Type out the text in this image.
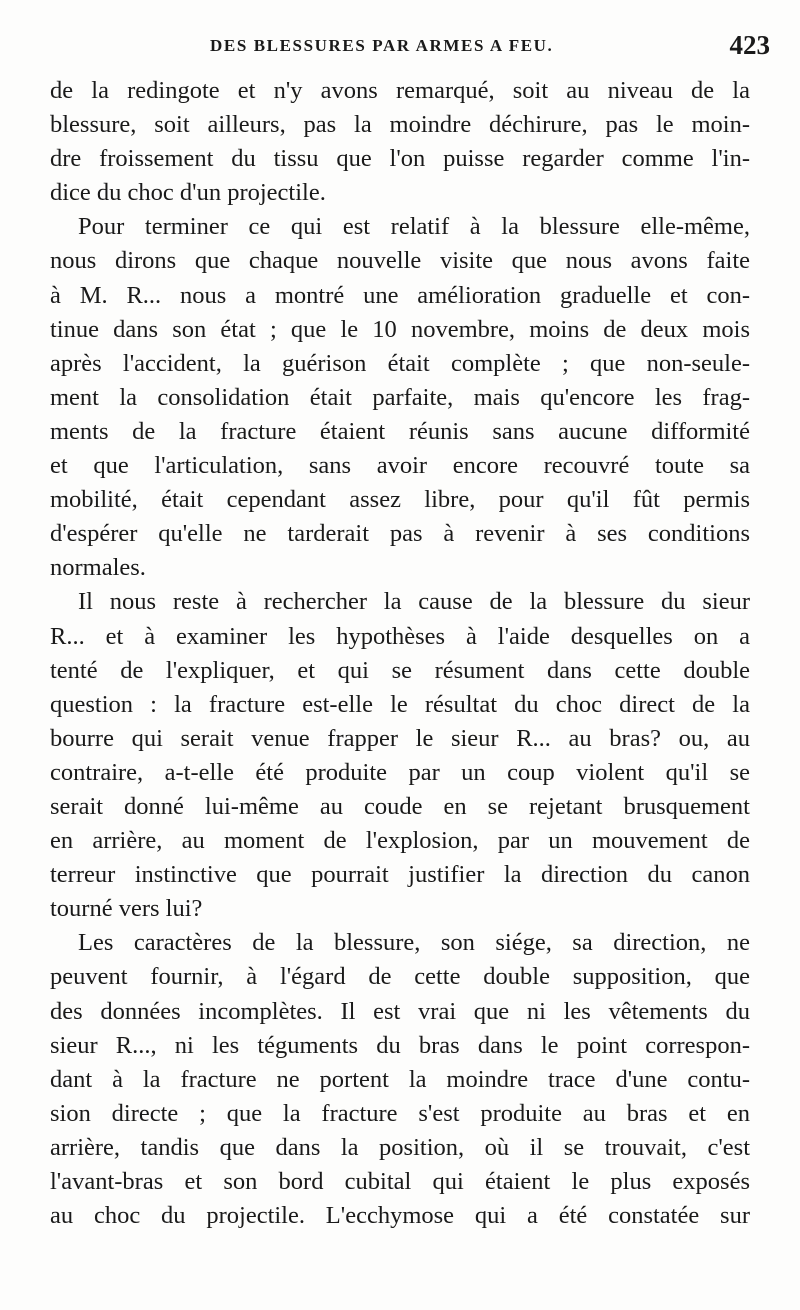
DES BLESSURES PAR ARMES A FEU.	423
de la redingote et n'y avons remarqué, soit au niveau de la
blessure, soit ailleurs, pas la moindre déchirure, pas le moin-
dre froissement du tissu que l'on puisse regarder comme l'in-
dice du choc d'un projectile.
Pour terminer ce qui est relatif à la blessure elle-même,
nous dirons que chaque nouvelle visite que nous avons faite
à M. R... nous a montré une amélioration graduelle et con-
tinue dans son état ; que le 10 novembre, moins de deux mois
après l'accident, la guérison était complète ; que non-seule-
ment la consolidation était parfaite, mais qu'encore les frag-
ments de la fracture étaient réunis sans aucune difformité
et que l'articulation, sans avoir encore recouvré toute sa
mobilité, était cependant assez libre, pour qu'il fût permis
d'espérer qu'elle ne tarderait pas à revenir à ses conditions
normales.
Il nous reste à rechercher la cause de la blessure du sieur
R... et à examiner les hypothèses à l'aide desquelles on a
tenté de l'expliquer, et qui se résument dans cette double
question : la fracture est-elle le résultat du choc direct de la
bourre qui serait venue frapper le sieur R... au bras? ou, au
contraire, a-t-elle été produite par un coup violent qu'il se
serait donné lui-même au coude en se rejetant brusquement
en arrière, au moment de l'explosion, par un mouvement de
terreur instinctive que pourrait justifier la direction du canon
tourné vers lui?
Les caractères de la blessure, son siége, sa direction, ne
peuvent fournir, à l'égard de cette double supposition, que
des données incomplètes. Il est vrai que ni les vêtements du
sieur R..., ni les téguments du bras dans le point correspon-
dant à la fracture ne portent la moindre trace d'une contu-
sion directe ; que la fracture s'est produite au bras et en
arrière, tandis que dans la position, où il se trouvait, c'est
l'avant-bras et son bord cubital qui étaient le plus exposés
au choc du projectile. L'ecchymose qui a été constatée sur
